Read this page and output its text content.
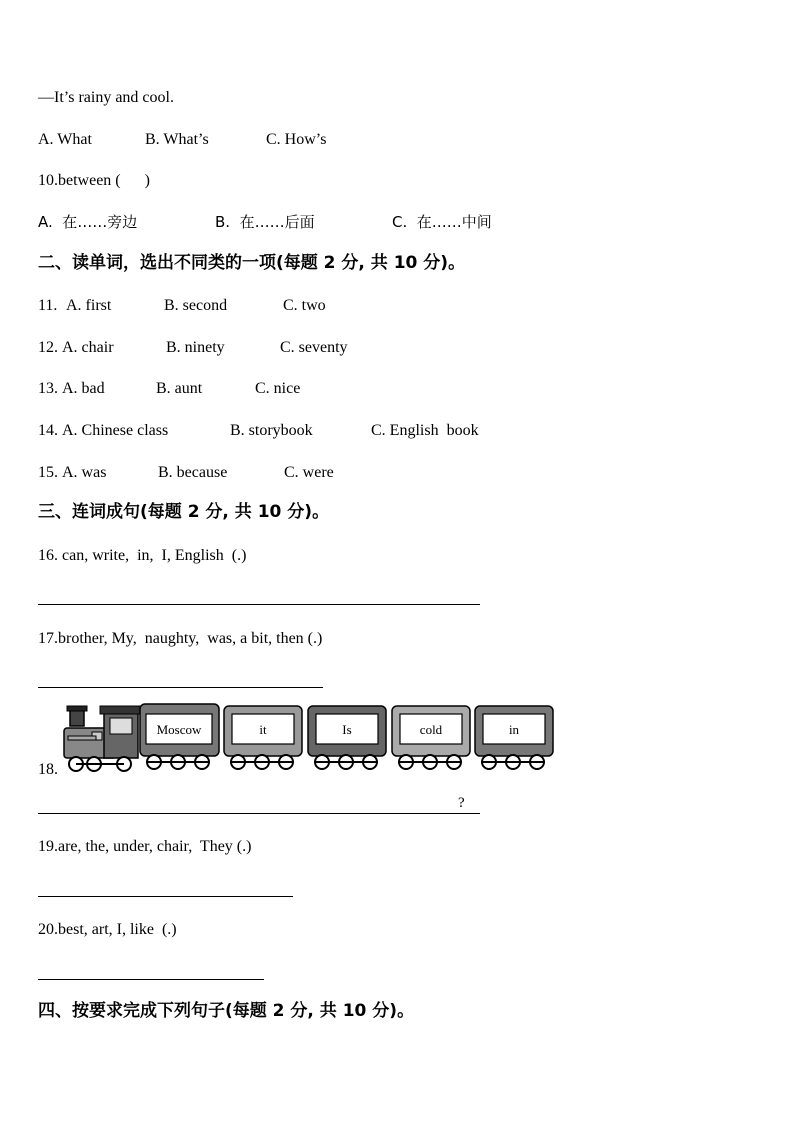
—It’s rainy and cool.
A. What	B. What’s	C. How’s
10.between (      )
A.  在……旁边	B.  在……后面	C.  在……中间
二、读单词，选出不同类的一项(每题 2 分, 共 10 分)。
11. A. first	B. second	C. two
12. A. chair	B. ninety	C. seventy
13. A. bad	B. aunt	C. nice
14. A. Chinese class	B. storybook	C. English  book
15. A. was	B. because	C. were
三、连词成句(每题 2 分, 共 10 分)。
16. can, write,  in,  I, English  (.)
17.brother, My,  naughty,  was, a bit, then (.)
18.
Moscow	it	Is	cold	in
?
19.are, the, under, chair,  They (.)
20.best, art, I, like  (.)
四、按要求完成下列句子(每题 2 分, 共 10 分)。
